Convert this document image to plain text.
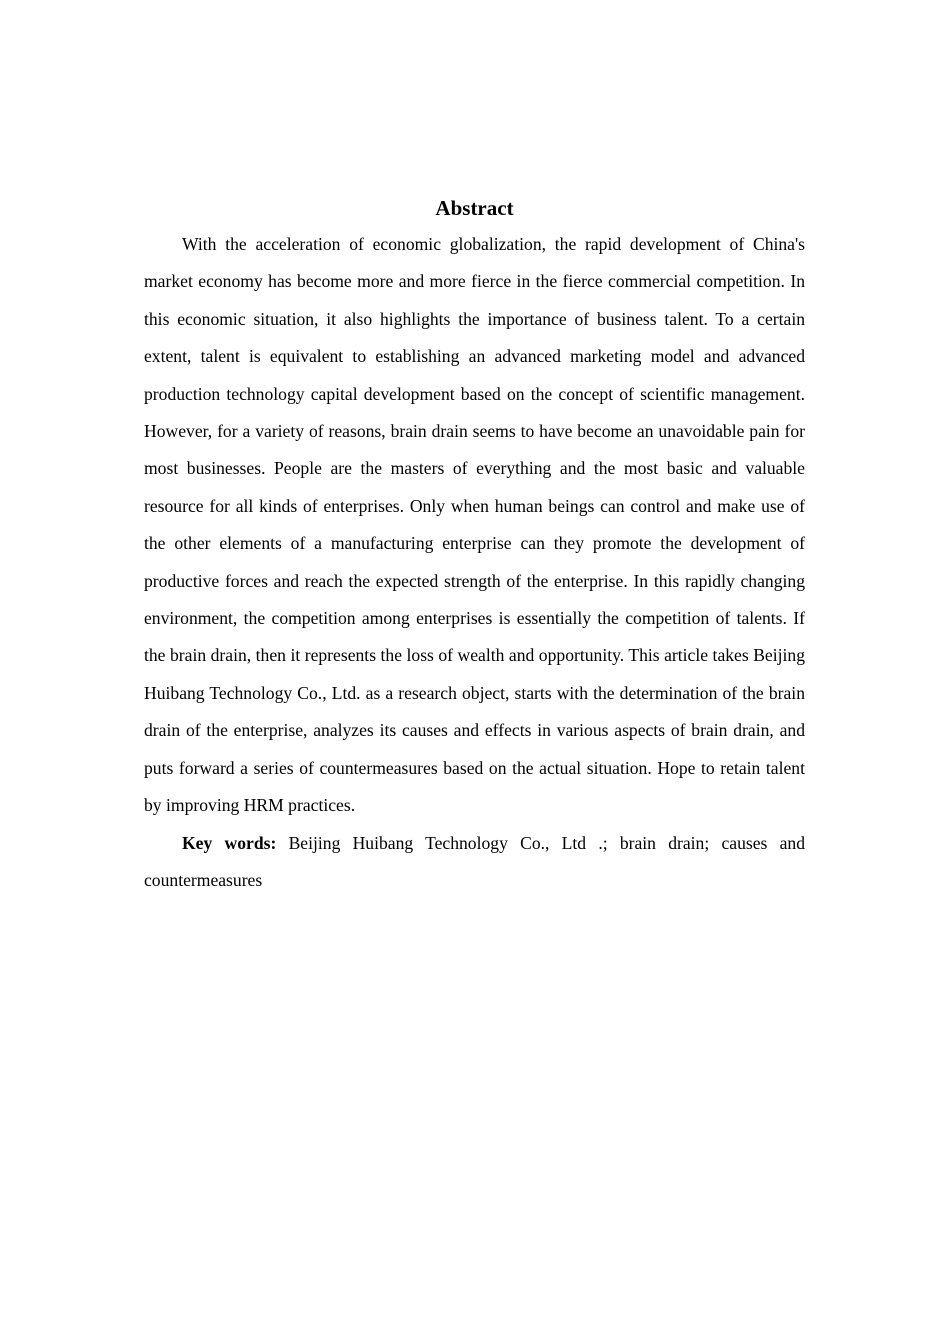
Abstract

With the acceleration of economic globalization, the rapid development of China's market economy has become more and more fierce in the fierce commercial competition. In this economic situation, it also highlights the importance of business talent. To a certain extent, talent is equivalent to establishing an advanced marketing model and advanced production technology capital development based on the concept of scientific management. However, for a variety of reasons, brain drain seems to have become an unavoidable pain for most businesses. People are the masters of everything and the most basic and valuable resource for all kinds of enterprises. Only when human beings can control and make use of the other elements of a manufacturing enterprise can they promote the development of productive forces and reach the expected strength of the enterprise. In this rapidly changing environment, the competition among enterprises is essentially the competition of talents. If the brain drain, then it represents the loss of wealth and opportunity. This article takes Beijing Huibang Technology Co., Ltd. as a research object, starts with the determination of the brain drain of the enterprise, analyzes its causes and effects in various aspects of brain drain, and puts forward a series of countermeasures based on the actual situation. Hope to retain talent by improving HRM practices.

Key words: Beijing Huibang Technology Co., Ltd .; brain drain; causes and countermeasures
